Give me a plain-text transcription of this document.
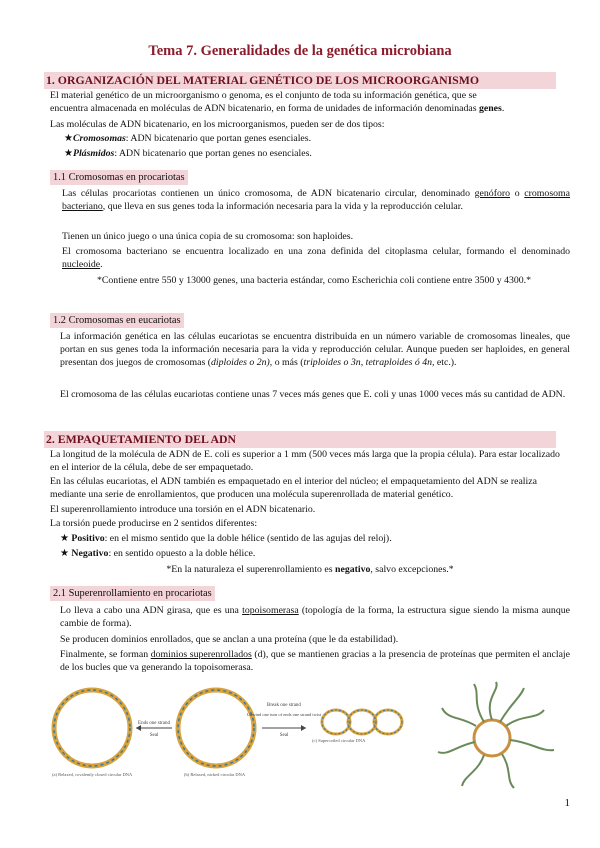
Tema 7. Generalidades de la genética microbiana
1. ORGANIZACIÓN DEL MATERIAL GENÉTICO DE LOS MICROORGANISMO
El material genético de un microorganismo o genoma, es el conjunto de toda su información genética, que se
encuentra almacenada en moléculas de ADN bicatenario, en forma de unidades de información denominadas genes.
Las moléculas de ADN bicatenario, en los microorganismos, pueden ser de dos tipos:
★Cromosomas: ADN bicatenario que portan genes esenciales.
★Plásmidos: ADN bicatenario que portan genes no esenciales.
1.1 Cromosomas en procariotas
Las células procariotas contienen un único cromosoma, de ADN bicatenario circular, denominado genóforo o cromosoma bacteriano, que lleva en sus genes toda la información necesaria para la vida y la reproducción celular.
Tienen un único juego o una única copia de su cromosoma: son haploides.
El cromosoma bacteriano se encuentra localizado en una zona definida del citoplasma celular, formando el denominado nucleoide.
*Contiene entre 550 y 13000 genes, una bacteria estándar, como Escherichia coli contiene entre 3500 y 4300.*
1.2 Cromosomas en eucariotas
La información genética en las células eucariotas se encuentra distribuida en un número variable de cromosomas lineales, que portan en sus genes toda la información necesaria para la vida y reproducción celular. Aunque pueden ser haploides, en general presentan dos juegos de cromosomas (diploides o 2n), o más (triploides o 3n, tetraploides ó 4n, etc.).
El cromosoma de las células eucariotas contiene unas 7 veces más genes que E. coli y unas 1000 veces más su cantidad de ADN.
2. EMPAQUETAMIENTO DEL ADN
La longitud de la molécula de ADN de E. coli es superior a 1 mm (500 veces más larga que la propia célula). Para estar localizado en el interior de la célula, debe de ser empaquetado.
En las células eucariotas, el ADN también es empaquetado en el interior del núcleo; el empaquetamiento del ADN se realiza mediante una serie de enrollamientos, que producen una molécula superenrollada de material genético.
El superenrollamiento introduce una torsión en el ADN bicatenario.
La torsión puede producirse en 2 sentidos diferentes:
★ Positivo: en el mismo sentido que la doble hélice (sentido de las agujas del reloj).
★ Negativo: en sentido opuesto a la doble hélice.
*En la naturaleza el superenrollamiento es negativo, salvo excepciones.*
2.1 Superenrollamiento en procariotas
Lo lleva a cabo una ADN girasa, que es una topoisomerasa (topología de la forma, la estructura sigue siendo la misma aunque cambie de forma).
Se producen dominios enrollados, que se anclan a una proteína (que le da estabilidad).
Finalmente, se forman dominios superenrollados (d), que se mantienen gracias a la presencia de proteínas que permiten el anclaje de los bucles que va generando la topoisomerasa.
Ends one strand
Seal
Break one strand
Unwind one turn of ends one strand twist
Seal
(a) Relaxed, covalently closed circular DNA	(b) Relaxed, nicked circular DNA
(c) Supercoiled circular DNA
1
